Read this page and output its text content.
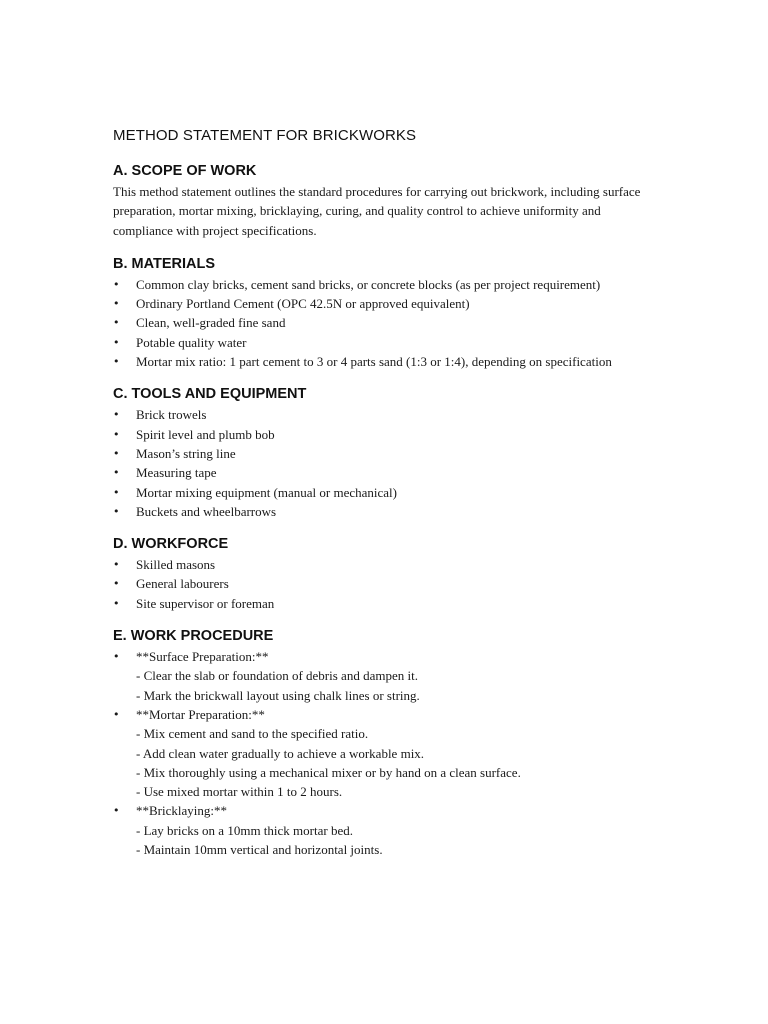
METHOD STATEMENT FOR BRICKWORKS
A. SCOPE OF WORK

This method statement outlines the standard procedures for carrying out brickwork, including surface preparation, mortar mixing, bricklaying, curing, and quality control to achieve uniformity and compliance with project specifications.

B. MATERIALS
• Common clay bricks, cement sand bricks, or concrete blocks (as per project requirement)
• Ordinary Portland Cement (OPC 42.5N or approved equivalent)
• Clean, well-graded fine sand
• Potable quality water
• Mortar mix ratio: 1 part cement to 3 or 4 parts sand (1:3 or 1:4), depending on specification
C. TOOLS AND EQUIPMENT
• Brick trowels
• Spirit level and plumb bob
• Mason’s string line
• Measuring tape
• Mortar mixing equipment (manual or mechanical)
• Buckets and wheelbarrows
D. WORKFORCE
• Skilled masons
• General labourers
• Site supervisor or foreman
E. WORK PROCEDURE
• **Surface Preparation:**
- Clear the slab or foundation of debris and dampen it.
- Mark the brickwall layout using chalk lines or string.
• **Mortar Preparation:**
- Mix cement and sand to the specified ratio.
- Add clean water gradually to achieve a workable mix.
- Mix thoroughly using a mechanical mixer or by hand on a clean surface.
- Use mixed mortar within 1 to 2 hours.
• **Bricklaying:**
- Lay bricks on a 10mm thick mortar bed.
- Maintain 10mm vertical and horizontal joints.
